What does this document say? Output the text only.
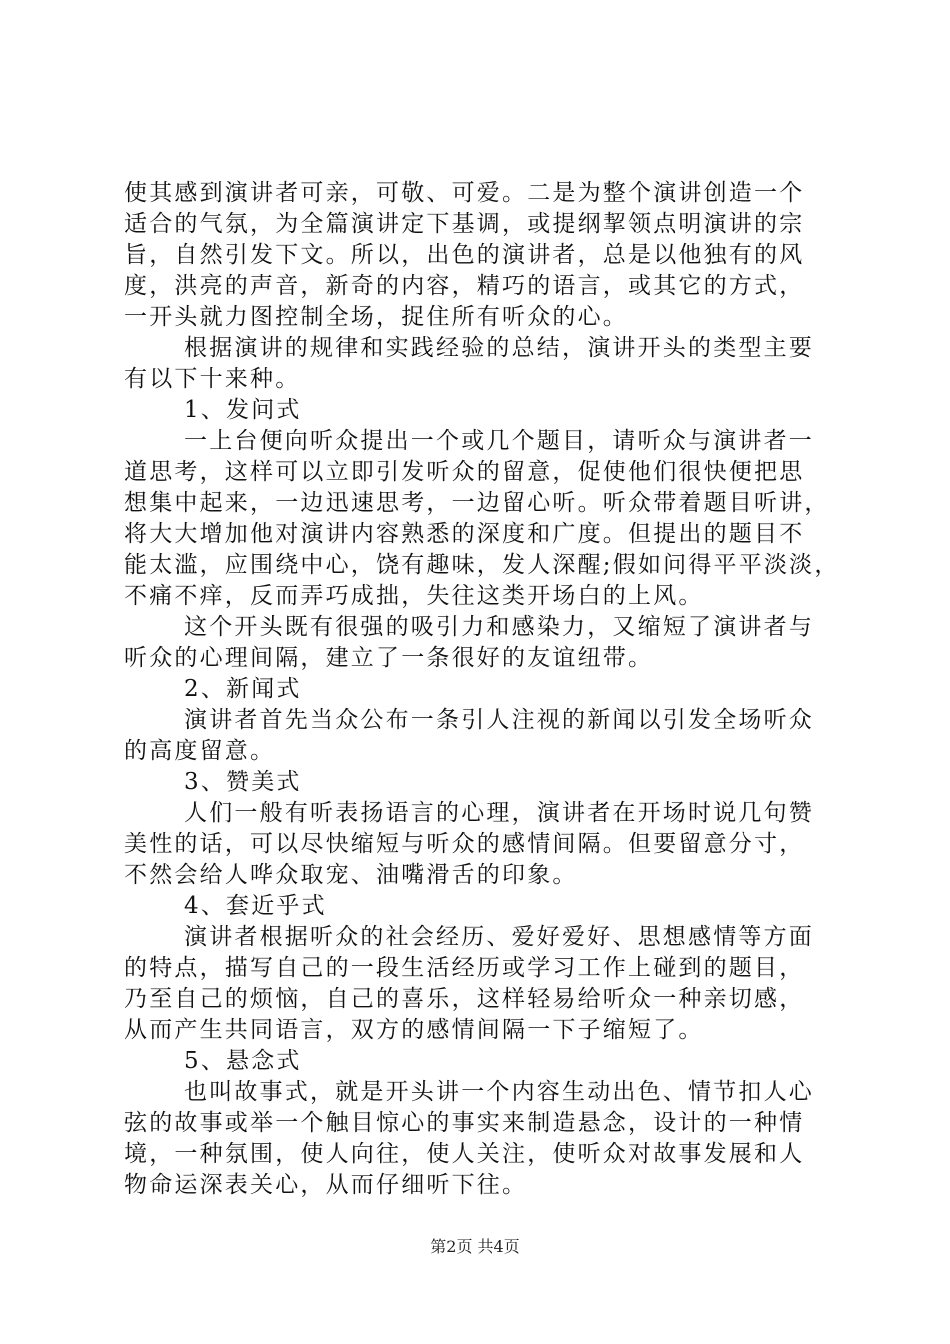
使其感到演讲者可亲，可敬、可爱。二是为整个演讲创造一个
适合的气氛，为全篇演讲定下基调，或提纲挈领点明演讲的宗
旨，自然引发下文。所以，出色的演讲者，总是以他独有的风
度，洪亮的声音，新奇的内容，精巧的语言，或其它的方式，
一开头就力图控制全场，捉住所有听众的心。
根据演讲的规律和实践经验的总结，演讲开头的类型主要
有以下十来种。
1、发问式
一上台便向听众提出一个或几个题目，请听众与演讲者一
道思考，这样可以立即引发听众的留意，促使他们很快便把思
想集中起来，一边迅速思考，一边留心听。听众带着题目听讲，
将大大增加他对演讲内容熟悉的深度和广度。但提出的题目不
能太滥，应围绕中心，饶有趣味，发人深醒;假如问得平平淡淡，
不痛不痒，反而弄巧成拙，失往这类开场白的上风。
这个开头既有很强的吸引力和感染力，又缩短了演讲者与
听众的心理间隔，建立了一条很好的友谊纽带。
2、新闻式
演讲者首先当众公布一条引人注视的新闻以引发全场听众
的高度留意。
3、赞美式
人们一般有听表扬语言的心理，演讲者在开场时说几句赞
美性的话，可以尽快缩短与听众的感情间隔。但要留意分寸，
不然会给人哗众取宠、油嘴滑舌的印象。
4、套近乎式
演讲者根据听众的社会经历、爱好爱好、思想感情等方面
的特点，描写自己的一段生活经历或学习工作上碰到的题目，
乃至自己的烦恼，自己的喜乐，这样轻易给听众一种亲切感，
从而产生共同语言，双方的感情间隔一下子缩短了。
5、悬念式
也叫故事式，就是开头讲一个内容生动出色、情节扣人心
弦的故事或举一个触目惊心的事实来制造悬念，设计的一种情
境，一种氛围，使人向往，使人关注，使听众对故事发展和人
物命运深表关心，从而仔细听下往。
第2页 共4页
